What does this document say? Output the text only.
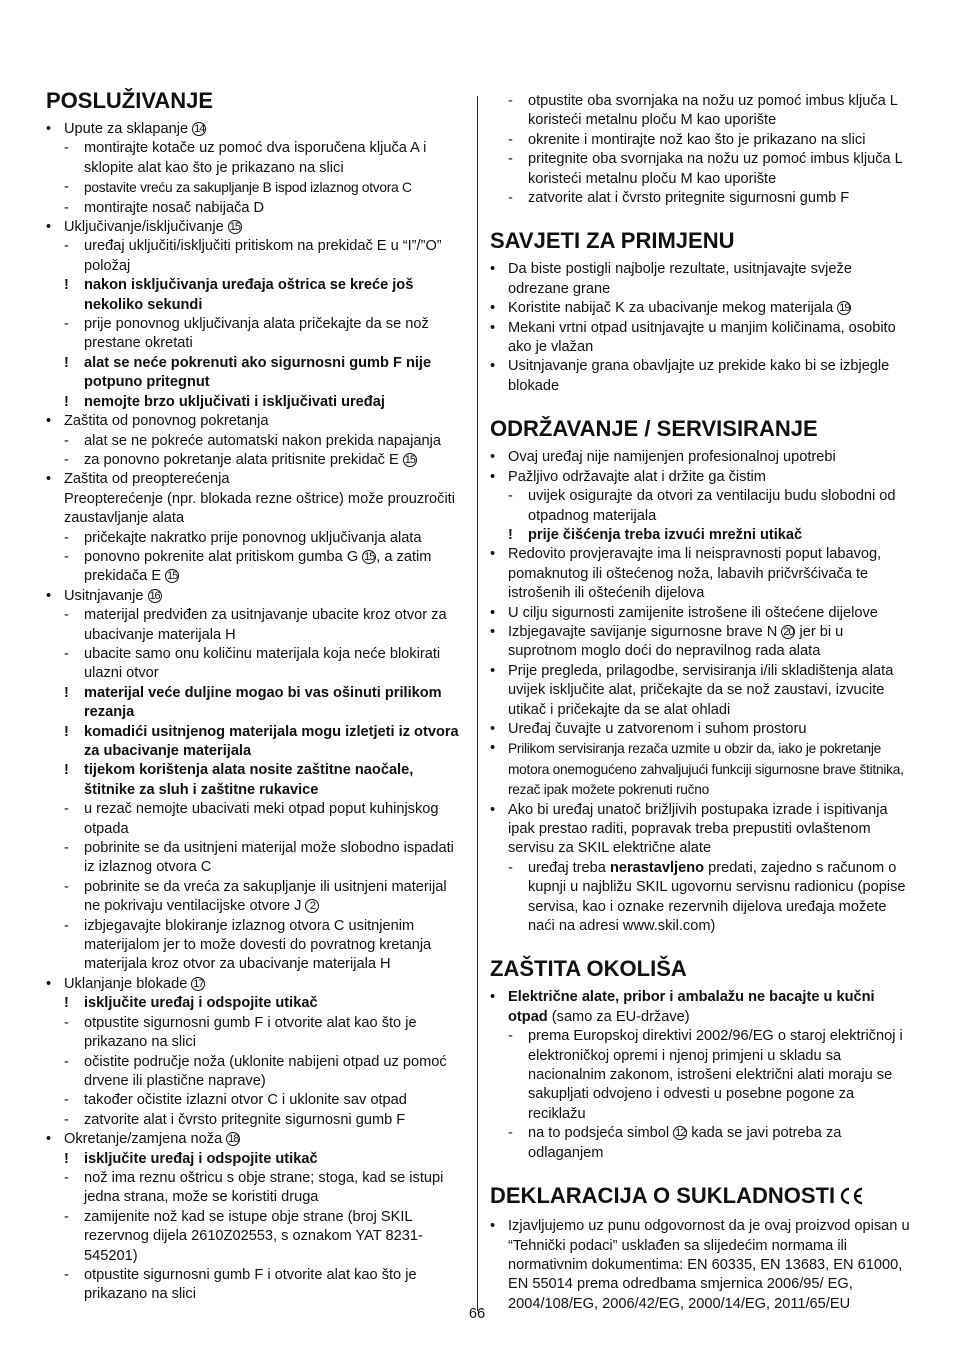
POSLUŽIVANJE
• Upute za sklapanje 14
- montirajte kotače uz pomoć dva isporučena ključa A i sklopite alat kao što je prikazano na slici
- postavite vreću za sakupljanje B ispod izlaznog otvora C
- montirajte nosač nabijača D
• Uključivanje/isključivanje 15
- uređaj uključiti/isključiti pritiskom na prekidač E u “I”/”O” položaj
! nakon isključivanja uređaja oštrica se kreće još nekoliko sekundi
- prije ponovnog uključivanja alata pričekajte da se nož prestane okretati
! alat se neće pokrenuti ako sigurnosni gumb F nije potpuno pritegnut
! nemojte brzo uključivati i isključivati uređaj
• Zaštita od ponovnog pokretanja
- alat se ne pokreće automatski nakon prekida napajanja
- za ponovno pokretanje alata pritisnite prekidač E 15
• Zaštita od preopterećenja
Preopterećenje (npr. blokada rezne oštrice) može prouzročiti zaustavljanje alata
- pričekajte nakratko prije ponovnog uključivanja alata
- ponovno pokrenite alat pritiskom gumba G 15 , a zatim prekidača E 15
• Usitnjavanje 16
- materijal predviđen za usitnjavanje ubacite kroz otvor za ubacivanje materijala H
- ubacite samo onu količinu materijala koja neće blokirati ulazni otvor
! materijal veće duljine mogao bi vas ošinuti prilikom rezanja
! komadići usitnjenog materijala mogu izletjeti iz otvora za ubacivanje materijala
! tijekom korištenja alata nosite zaštitne naočale, štitnike za sluh i zaštitne rukavice
- u rezač nemojte ubacivati meki otpad poput kuhinjskog otpada
- pobrinite se da usitnjeni materijal može slobodno ispadati iz izlaznog otvora C
- pobrinite se da vreća za sakupljanje ili usitnjeni materijal ne pokrivaju ventilacijske otvore J 2
- izbjegavajte blokiranje izlaznog otvora C usitnjenim materijalom jer to može dovesti do povratnog kretanja materijala kroz otvor za ubacivanje materijala H
• Uklanjanje blokade 17
! isključite uređaj i odspojite utikač
- otpustite sigurnosni gumb F i otvorite alat kao što je prikazano na slici
- očistite područje noža (uklonite nabijeni otpad uz pomoć drvene ili plastične naprave)
- također očistite izlazni otvor C i uklonite sav otpad
- zatvorite alat i čvrsto pritegnite sigurnosni gumb F
• Okretanje/zamjena noža 18
! isključite uređaj i odspojite utikač
- nož ima reznu oštricu s obje strane; stoga, kad se istupi jedna strana, može se koristiti druga
- zamijenite nož kad se istupe obje strane (broj SKIL rezervnog dijela 2610Z02553, s oznakom YAT 8231-545201)
- otpustite sigurnosni gumb F i otvorite alat kao što je prikazano na slici
- otpustite oba svornjaka na nožu uz pomoć imbus ključa L koristeći metalnu ploču M kao uporište
- okrenite i montirajte nož kao što je prikazano na slici
- pritegnite oba svornjaka na nožu uz pomoć imbus ključa L koristeći metalnu ploču M kao uporište
- zatvorite alat i čvrsto pritegnite sigurnosni gumb F
SAVJETI ZA PRIMJENU
• Da biste postigli najbolje rezultate, usitnjavajte svježe odrezane grane
• Koristite nabijač K za ubacivanje mekog materijala 19
• Mekani vrtni otpad usitnjavajte u manjim količinama, osobito ako je vlažan
• Usitnjavanje grana obavljajte uz prekide kako bi se izbjegle blokade
ODRŽAVANJE / SERVISIRANJE
• Ovaj uređaj nije namijenjen profesionalnoj upotrebi
• Pažljivo održavajte alat i držite ga čistim
- uvijek osigurajte da otvori za ventilaciju budu slobodni od otpadnog materijala
! prije čišćenja treba izvući mrežni utikač
• Redovito provjeravajte ima li neispravnosti poput labavog, pomaknutog ili oštećenog noža, labavih pričvršćivača te istrošenih ili oštećenih dijelova
• U cilju sigurnosti zamijenite istrošene ili oštećene dijelove
• Izbjegavajte savijanje sigurnosne brave N 20 jer bi u suprotnom moglo doći do nepravilnog rada alata
• Prije pregleda, prilagodbe, servisiranja i/ili skladištenja alata uvijek isključite alat, pričekajte da se nož zaustavi, izvucite utikač i pričekajte da se alat ohladi
• Uređaj čuvajte u zatvorenom i suhom prostoru
• Prilikom servisiranja rezača uzmite u obzir da, iako je pokretanje motora onemogućeno zahvaljujući funkciji sigurnosne brave štitnika, rezač ipak možete pokrenuti ručno
• Ako bi uređaj unatoč brižljivih postupaka izrade i ispitivanja ipak prestao raditi, popravak treba prepustiti ovlaštenom servisu za SKIL električne alate
- uređaj treba nerastavljeno predati, zajedno s računom o kupnji u najbližu SKIL ugovornu servisnu radionicu (popise servisa, kao i oznake rezervnih dijelova uređaja možete naći na adresi www.skil.com)
ZAŠTITA OKOLIŠA
• Električne alate, pribor i ambalažu ne bacajte u kučni otpad (samo za EU-države)
- prema Europskoj direktivi 2002/96/EG o staroj električnoj i elektroničkoj opremi i njenoj primjeni u skladu sa nacionalnim zakonom, istrošeni električni alati moraju se sakupljati odvojeno i odvesti u posebne pogone za reciklažu
- na to podsjeća simbol 12 kada se javi potreba za odlaganjem
DEKLARACIJA O SUKLADNOSTI
• Izjavljujemo uz punu odgovornost da je ovaj proizvod opisan u “Tehnički podaci” usklađen sa slijedećim normama ili normativnim dokumentima: EN 60335, EN 13683, EN 61000, EN 55014 prema odredbama smjernica 2006/95/ EG, 2004/108/EG, 2006/42/EG, 2000/14/EG, 2011/65/EU
66
